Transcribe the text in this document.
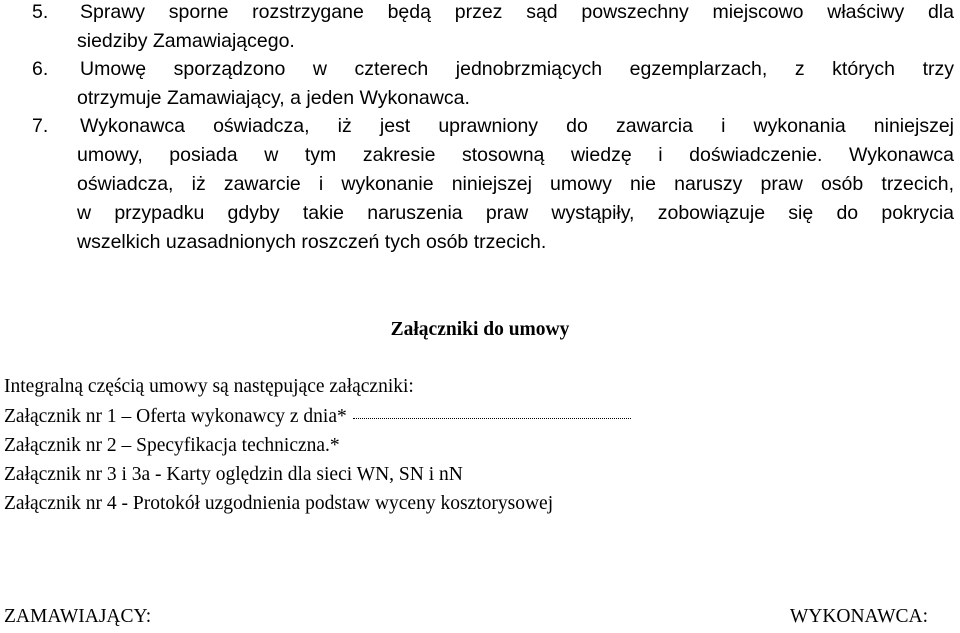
5.	Sprawy sporne rozstrzygane będą przez sąd powszechny miejscowo właściwy dla
siedziby Zamawiającego.
6.	Umowę sporządzono w czterech jednobrzmiących egzemplarzach, z których trzy
otrzymuje Zamawiający, a jeden Wykonawca.
7.	Wykonawca oświadcza, iż jest uprawniony do zawarcia i wykonania niniejszej
umowy, posiada w tym zakresie stosowną wiedzę i doświadczenie. Wykonawca
oświadcza, iż zawarcie i wykonanie niniejszej umowy nie naruszy praw osób trzecich,
w przypadku gdyby takie naruszenia praw wystąpiły, zobowiązuje się do pokrycia
wszelkich uzasadnionych roszczeń tych osób trzecich.
Załączniki do umowy
Integralną częścią umowy są następujące załączniki:
Załącznik nr 1 – Oferta wykonawcy z dnia*
Załącznik nr 2 – Specyfikacja techniczna.*
Załącznik nr 3 i 3a - Karty oględzin dla sieci WN, SN i nN
Załącznik nr 4 - Protokół uzgodnienia podstaw wyceny kosztorysowej
ZAMAWIAJĄCY:	WYKONAWCA:
